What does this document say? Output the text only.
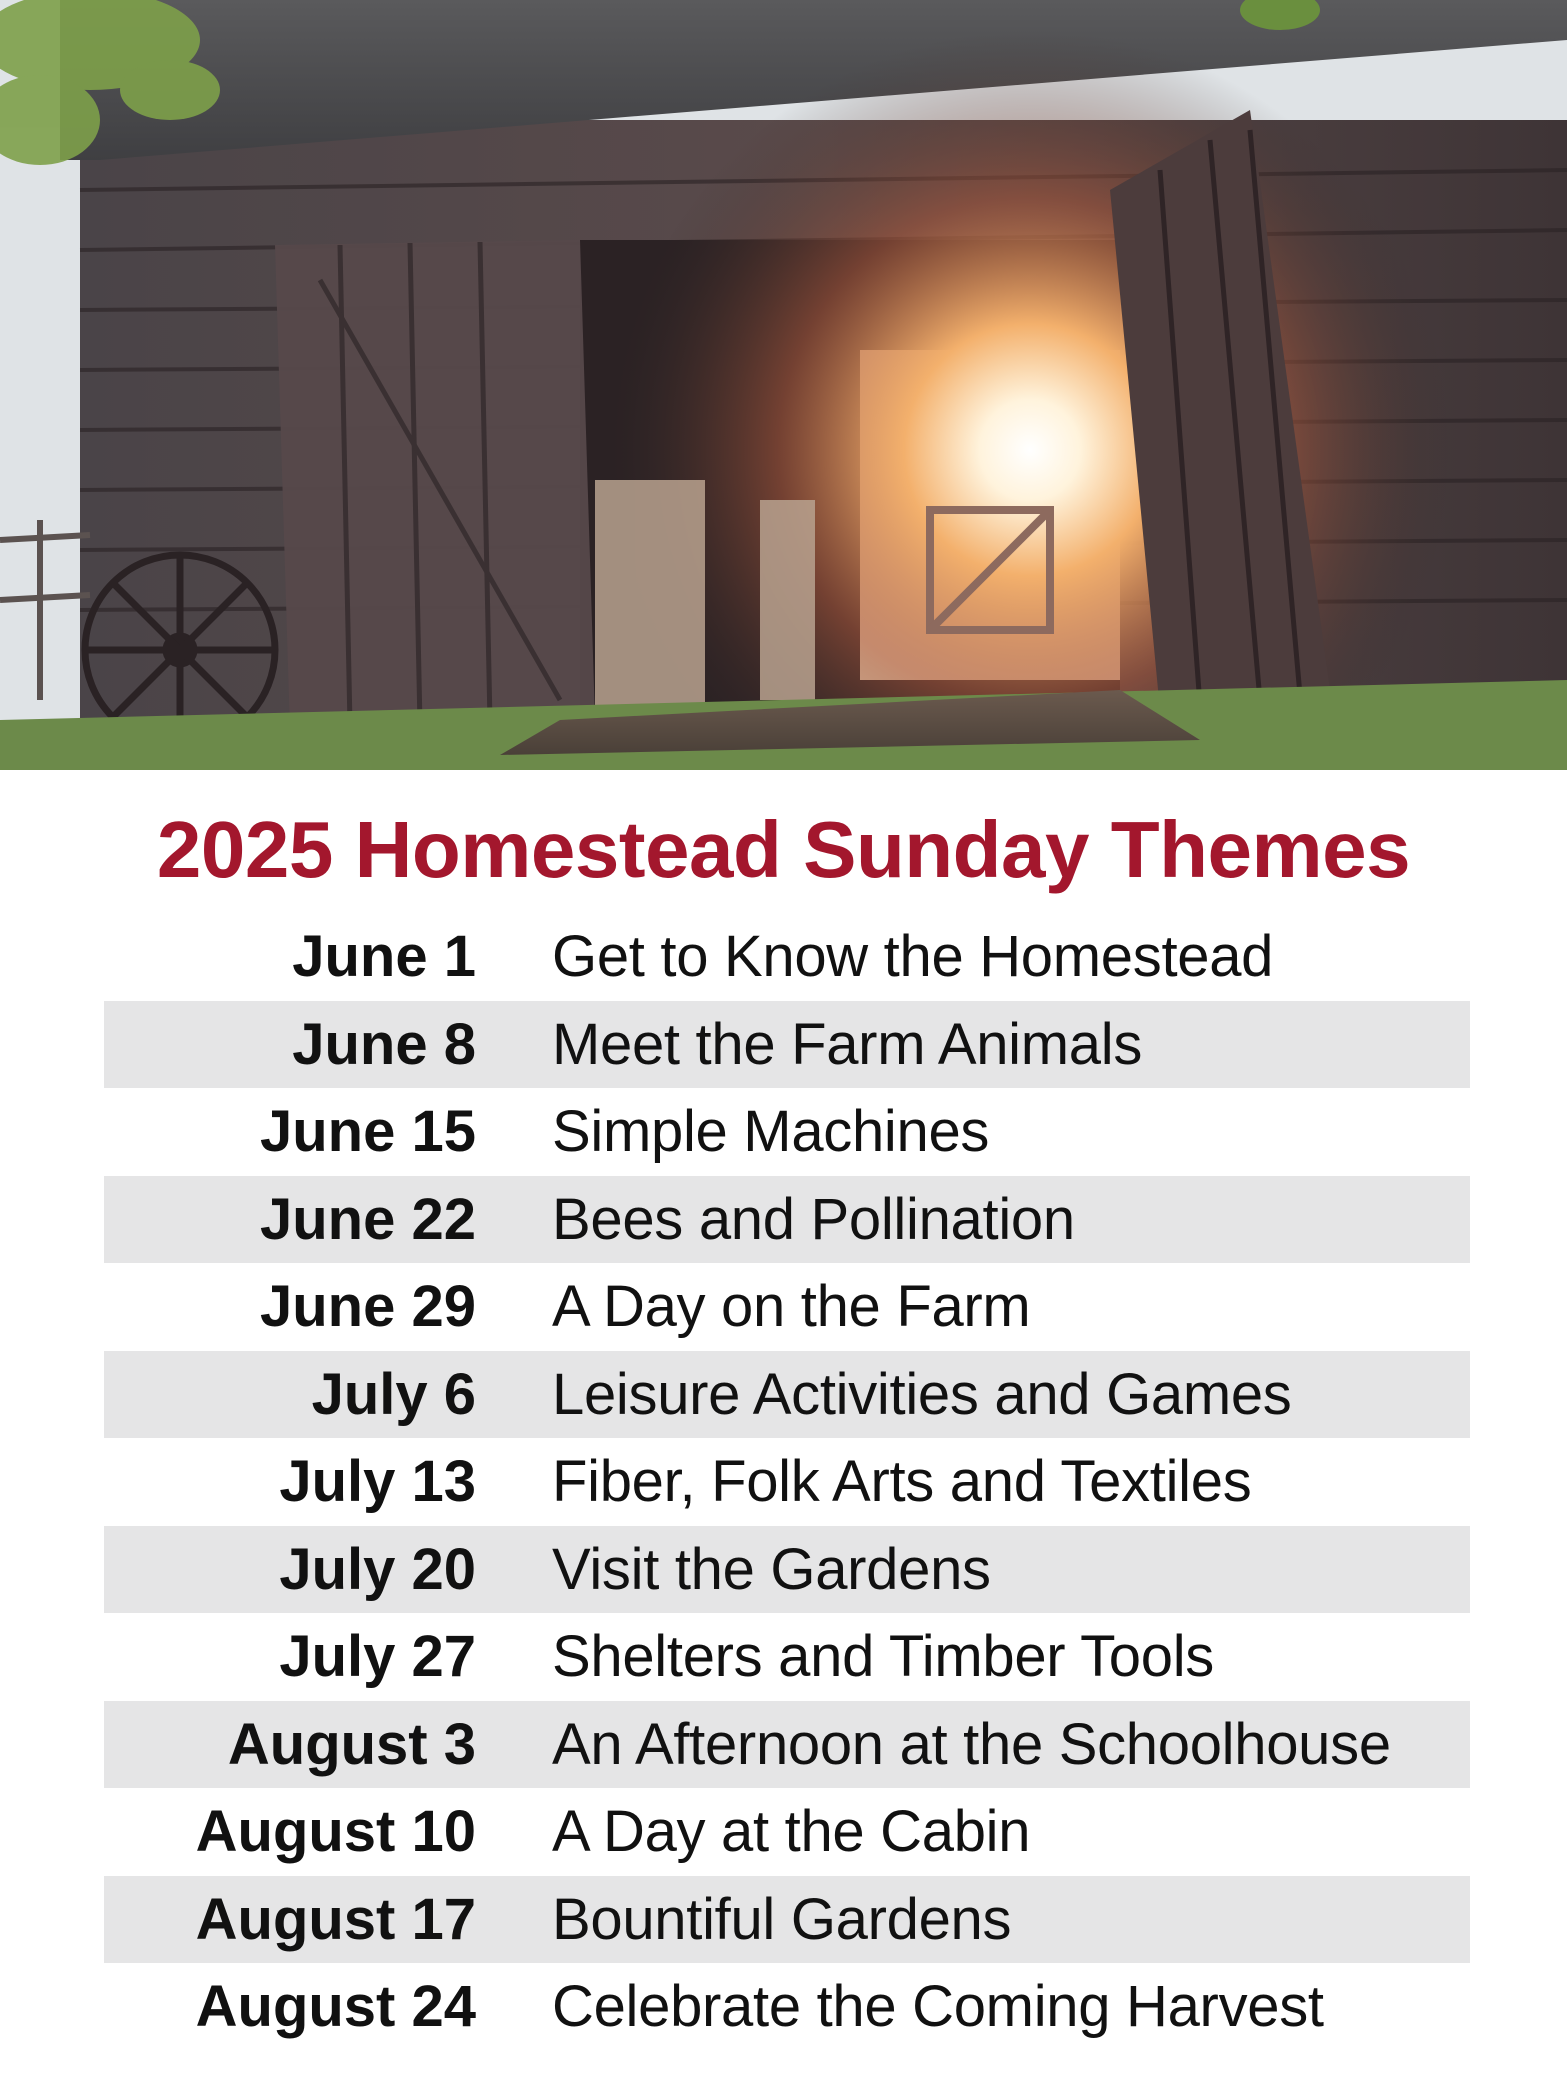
2025 Homestead Sunday Themes
June 1 Get to Know the Homestead
June 8 Meet the Farm Animals
June 15 Simple Machines
June 22 Bees and Pollination
June 29 A Day on the Farm
July 6 Leisure Activities and Games
July 13 Fiber, Folk Arts and Textiles
July 20 Visit the Gardens
July 27 Shelters and Timber Tools
August 3 An Afternoon at the Schoolhouse
August 10 A Day at the Cabin
August 17 Bountiful Gardens
August 24 Celebrate the Coming Harvest
